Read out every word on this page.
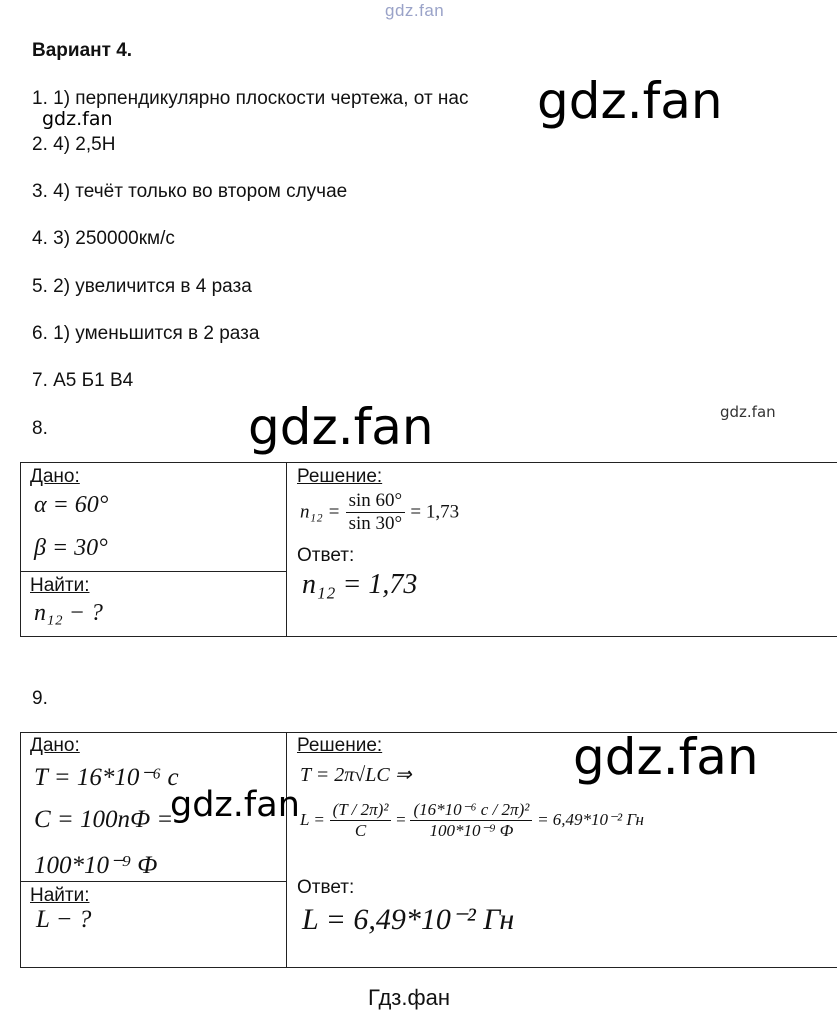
gdz.fan
Вариант 4.
1. 1) перпендикулярно плоскости чертежа, от нас gdz.fan
gdz.fan
2. 4) 2,5Н
3. 4) течёт только во втором случае
4. 3) 250000км/с
5. 2) увеличится в 4 раза
6. 1) уменьшится в 2 раза
7. А5 Б1 В4
gdz.fan
8.	gdz.fan
Дано:
α = 60°
β = 30°
Найти:
n₁₂ − ?
Решение:
$n_{12} = \frac{\sin 60^\circ}{\sin 30^\circ} = 1,73$
Ответ:
n₁₂ = 1,73
9.
Дано:
T = 16*10⁻⁶ c
C = 100nФ =
100*10⁻⁹ Ф
gdz.fan
Найти:
L − ?
Решение:	gdz.fan
T = 2π√LC ⇒
$L = \frac{\text{(T / 2π)²}}{C} = \frac{\text{(16*10⁻⁶ c / 2π)²}}{\text{100*10⁻⁹ Ф}} = 6,49*10^{-2}$ Гн
Ответ:
L = 6,49*10⁻² Гн
Гдз.фан
